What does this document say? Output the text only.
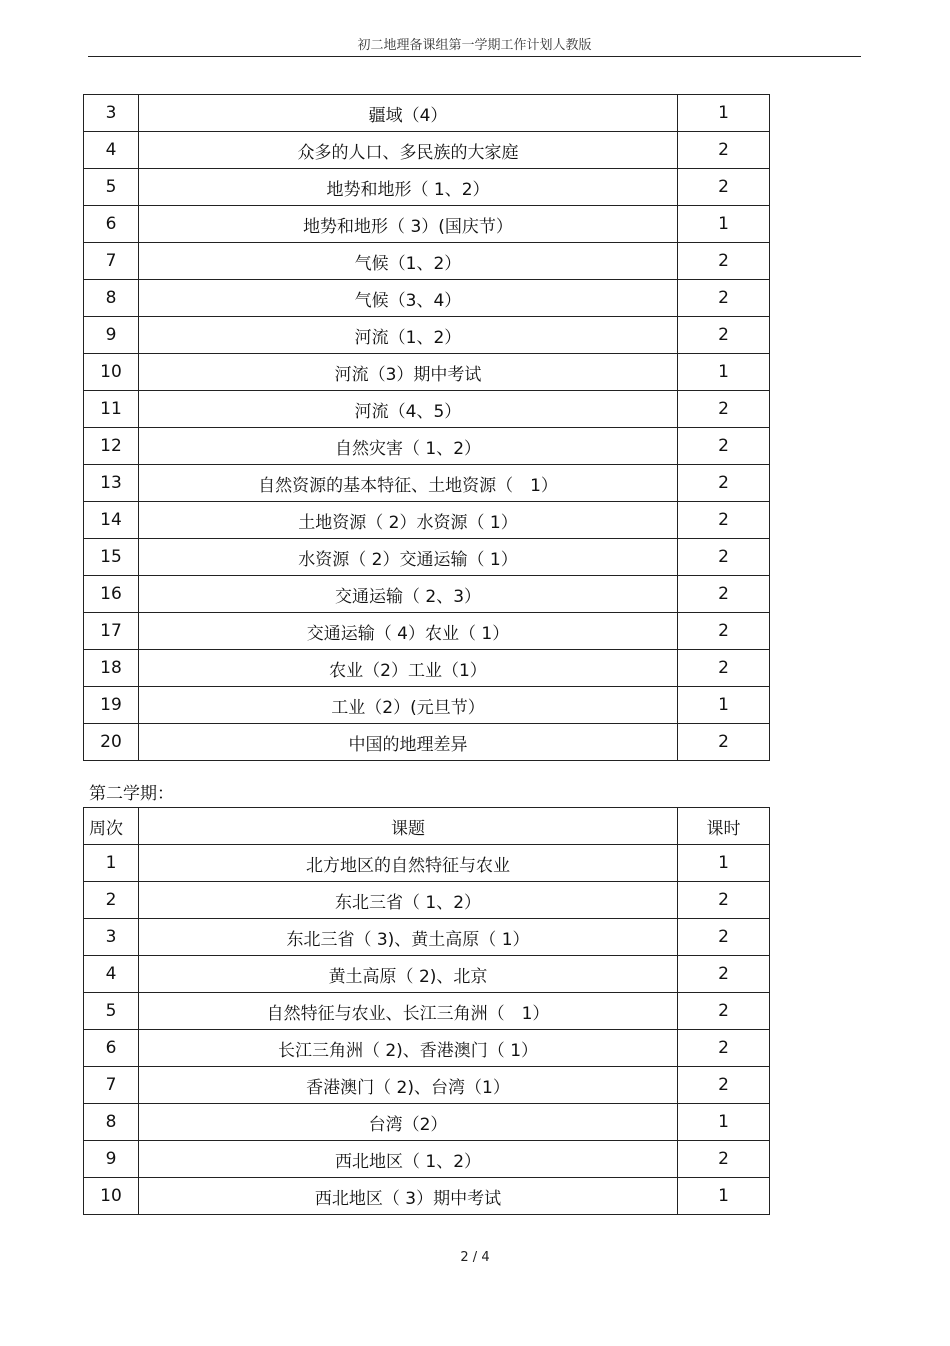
初二地理备课组第一学期工作计划人教版
3	疆域（4）	1
4	众多的人口、多民族的大家庭	2
5	地势和地形（ 1、2）	2
6	地势和地形（ 3）(国庆节）	1
7	气候（1、2）	2
8	气候（3、4）	2
9	河流（1、2）	2
10	河流（3）期中考试	1
11	河流（4、5）	2
12	自然灾害（ 1、2）	2
13	自然资源的基本特征、土地资源（　1）	2
14	土地资源（ 2）水资源（ 1）	2
15	水资源（ 2）交通运输（ 1）	2
16	交通运输（ 2、3）	2
17	交通运输（ 4）农业（ 1）	2
18	农业（2）工业（1）	2
19	工业（2）(元旦节）	1
20	中国的地理差异	2
第二学期：
周次	课题	课时
1	北方地区的自然特征与农业	1
2	东北三省（ 1、2）	2
3	东北三省（ 3)、黄土高原（ 1）	2
4	黄土高原（ 2)、北京	2
5	自然特征与农业、长江三角洲（　1）	2
6	长江三角洲（ 2)、香港澳门（ 1）	2
7	香港澳门（ 2)、台湾（1）	2
8	台湾（2）	1
9	西北地区（ 1、2）	2
10	西北地区（ 3）期中考试	1
2 / 4
